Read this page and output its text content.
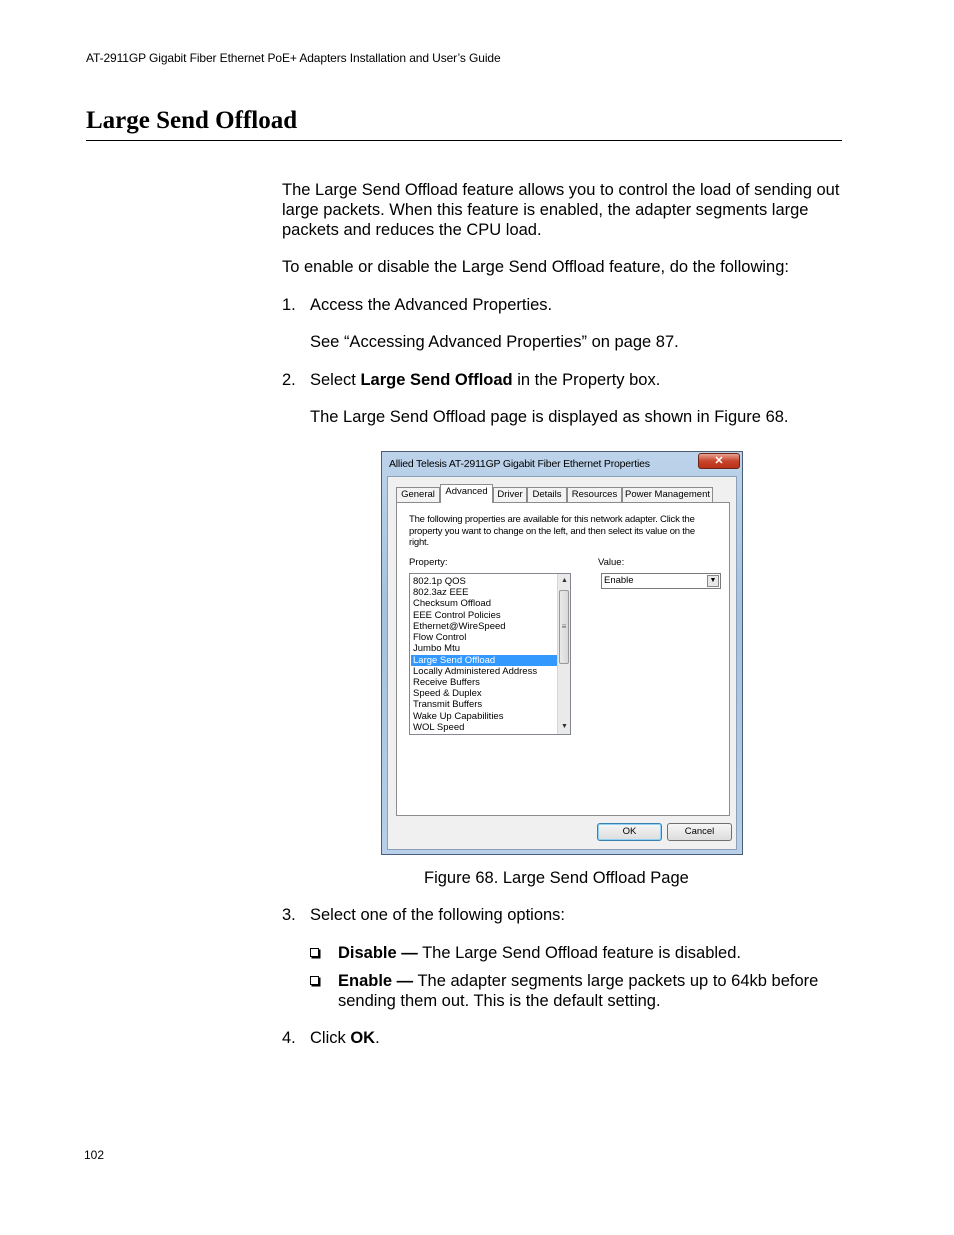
AT-2911GP Gigabit Fiber Ethernet PoE+ Adapters Installation and User’s Guide
Large Send Offload
The Large Send Offload feature allows you to control the load of sending out large packets. When this feature is enabled, the adapter segments large packets and reduces the CPU load.
To enable or disable the Large Send Offload feature, do the following:
1. Access the Advanced Properties.
See “Accessing Advanced Properties” on page 87.
2. Select Large Send Offload in the Property box.
The Large Send Offload page is displayed as shown in Figure 68.
Allied Telesis AT-2911GP Gigabit Fiber Ethernet Properties	✕
General	Advanced	Driver	Details	Resources Power Management
The following properties are available for this network adapter. Click the property you want to change on the left, and then select its value on the right.
Property:	Value:
802.1p QOS
802.3az EEE
Checksum Offload
EEE Control Policies
Ethernet@WireSpeed
Flow Control
Jumbo Mtu
Large Send Offload
Locally Administered Address
Receive Buffers
Speed & Duplex
Transmit Buffers
Wake Up Capabilities
WOL Speed
▲
≡
▼
Enable	▼
OK	Cancel
Figure 68. Large Send Offload Page
3. Select one of the following options:
Disable — The Large Send Offload feature is disabled.
Enable — The adapter segments large packets up to 64kb before sending them out. This is the default setting.
4. Click OK.
102
